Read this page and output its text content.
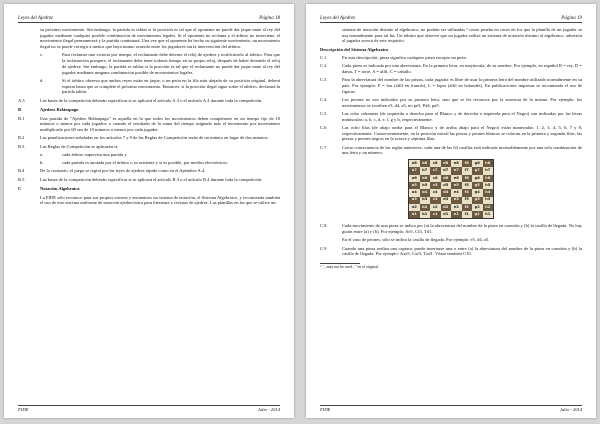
Leyes del Ajedrez	Página 18

su próximo movimiento. Sin embargo, la partida es tablas si la posición es tal que el oponente no puede dar jaque mate al rey del jugador mediante cualquier posible combinación de movimientos legales. Si el oponente no reclama y el árbitro no interviene, el movimiento ilegal permanecerá y la partida continuará. Una vez que el oponente ha hecho su siguiente movimiento, un movimiento ilegal no se puede corregir a menos que haya mutuo acuerdo entre los jugadores sin la intervención del árbitro.

c.	Para reclamar una victoria por tiempo, el reclamante debe detener el reloj de ajedrez y notificárselo al árbitro. Para que la reclamación prospere, el reclamante debe tener todavía tiempo en su propio reloj, después de haber detenido el reloj de ajedrez. Sin embargo, la partida es tablas si la posición es tal que el reclamante no puede dar jaque mate al rey del jugador mediante ninguna combinación posible de movimientos legales.
d.	Si el árbitro observa que ambos reyes están en jaque, o un peón en la fila más alejada de su posición original, deberá esperar hasta que se complete el próximo movimiento. Entonces, si la posición ilegal sigue sobre el tablero, declarará la partida tablas.
A.5	Las bases de la competición deberán especificar si se aplicará el artículo A.3 o el artículo A.4 durante toda la competición.
B	Ajedrez Relámpago
B.1	Una partida de "Ajedrez Relámpago" es aquella en la que todos los movimientos deben completarse en un tiempo fijo de 10 minutos o menos por cada jugador; o cuando el resultado de la suma del tiempo asignado más el incremento por movimiento multiplicado por 60 sea de 10 minutos o menos por cada jugador.
B.2	Las penalizaciones señaladas en los artículos 7 y 9 de las Reglas de Competición serán de un minuto en lugar de dos minutos.
B.3	Las Reglas de Competición se aplicarán si:
a.	cada árbitro supervisa una partida y
b.	cada partida es anotada por el árbitro o su asistente y si es posible, por medios electrónicos.
B.4	De lo contrario, el juego se regirá por las leyes de ajedrez rápido como en el Apéndice A.4.
B.5	Las bases de la competición deberán especificar si se aplicará el artículo B.3 o el artículo B.4 durante toda la competición.
C	Notación Algebraica

La FIDE sólo reconoce para sus propios torneos y encuentros un sistema de notación, el Sistema Algebraico, y recomienda también el uso de este sistema uniforme de notación ajedrecística para literatura y revistas de ajedrez. Las planillas en las que se utilice un

FIDE	Julio - 2014
Leyes del Ajedrez	Página 19

sistema de notación distinto al algebraico, no podrán ser utilizadas ¹ como prueba en casos en los que la planilla de un jugador se usa normalmente para tal fin. Un árbitro que observe que un jugador utiliza un sistema de notación distinto al algebraico, advertirá al jugador acerca de este requisito.

Descripción del Sistema Algebraico

C.1	En esta descripción, pieza significa cualquier pieza excepto un peón.
C.2	Cada pieza es indicada por una abreviatura. En la primera letra, en mayúscula, de su nombre. Por ejemplo, en español R = rey, D = dama, T = torre, A = alfil, C = caballo.
C.3	Para la abreviatura del nombre de las piezas, cada jugador es libre de usar la primera letra del nombre utilizado normalmente en su país. Por ejemplo: F = fou (alfil en francés), L = loper (alfil en holandés). En publicaciones impresas se recomienda el uso de figuras.
C.4	Los peones no son indicados por su primera letra, sino que se les reconoce por la ausencia de la misma. Por ejemplo: los movimientos se escriben e5, d4, a5, no pe5, Pd4, pa5.
C.5	Las ocho columnas (de izquierda a derecha para el Blanco y de derecha a izquierda para el Negro) son indicadas por las letras minúsculas: a, b, c, d, e, f, g y h, respectivamente.
C.6	Las ocho filas (de abajo arriba para el Blanco y de arriba abajo para el Negro) están numeradas: 1, 2, 3, 4, 5, 6, 7 y 8, respectivamente. Consecuentemente, en la posición inicial las piezas y peones blancos se colocan en la primera y segunda filas; las piezas y peones negros en la octava y séptima filas.
C.7	Como consecuencia de las reglas anteriores, cada una de las 64 casillas está indicada invariablemente por una sola combinación de una letra y un número.
a8	b8	c8	d8	e8	f8	g8	h8
a7	b7	c7	d7	e7	f7	g7	h7
a6	b6	c6	d6	e6	f6	g6	h6
a5	b5	c5	d5	e5	f5	g5	h5
a4	b4	c4	d4	e4	f4	g4	h4
a3	b3	c3	d3	e3	f3	g3	h3
a2	b2	c2	d2	e2	f2	g2	h2
a1	b1	c1	d1	e1	f1	g1	h1
C.8	Cada movimiento de una pieza se indica por (a) la abreviatura del nombre de la pieza en cuestión y (b) la casilla de llegada. No hay guión entre (a) y (b). Por ejemplo: Ae5, Cf3, Td1.
En el caso de peones, sólo se indica la casilla de llegada. Por ejemplo: e5, d4, a5.
C.9	Cuando una pieza realiza una captura, puede insertarse una x entre (a) la abreviatura del nombre de la pieza en cuestión y (b) la casilla de llegada. Por ejemplo: Axe5, Cxf3, Txd1. Véase también C10.
¹ "...may not be used..." en el original.
FIDE	Julio - 2014
